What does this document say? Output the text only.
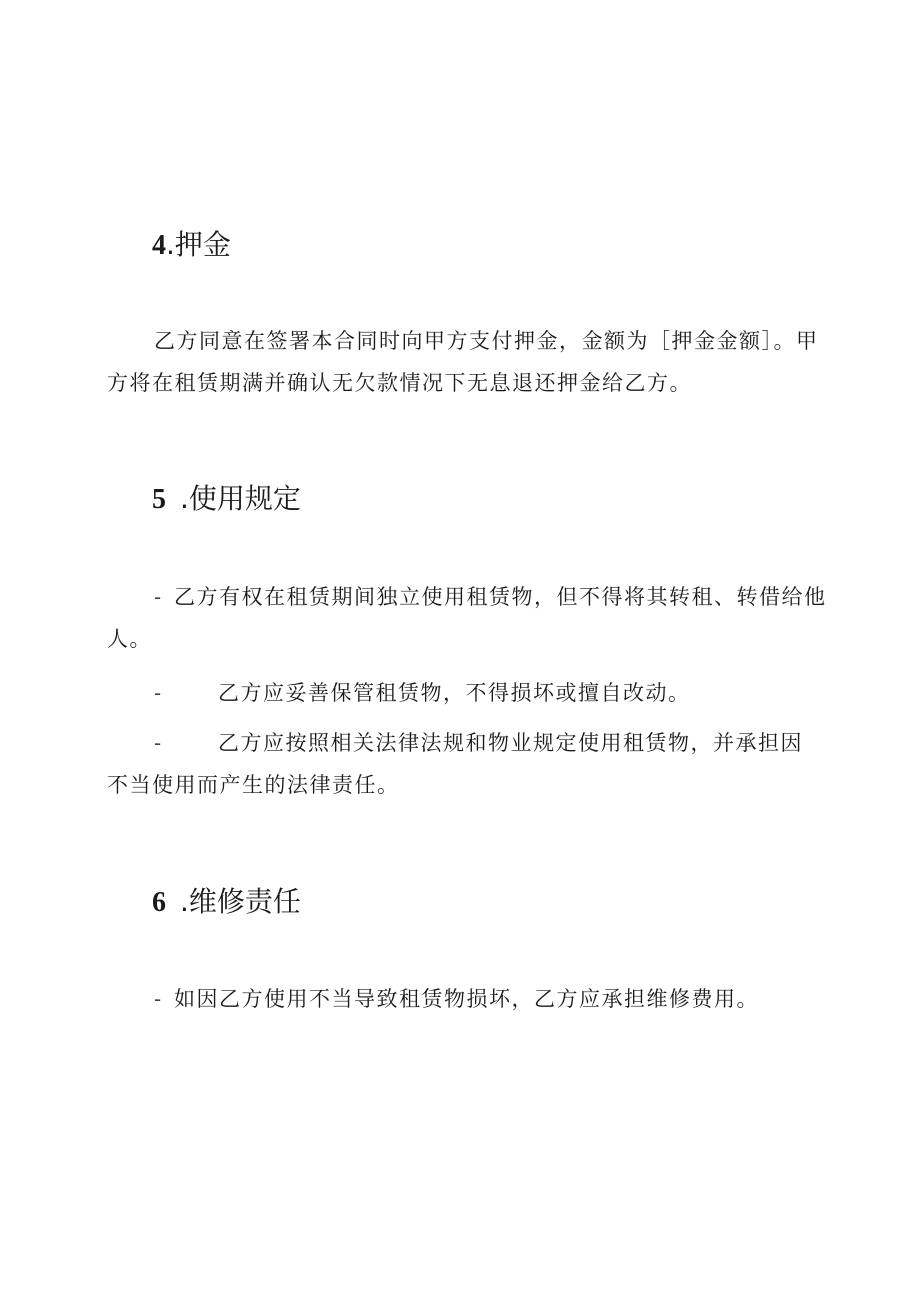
4.押金

乙方同意在签署本合同时向甲方支付押金，金额为［押金金额］。甲
方将在租赁期满并确认无欠款情况下无息退还押金给乙方。

5 .使用规定

- 乙方有权在租赁期间独立使用租赁物，但不得将其转租、转借给他
人。

-	乙方应妥善保管租赁物，不得损坏或擅自改动。

-	乙方应按照相关法律法规和物业规定使用租赁物，并承担因
不当使用而产生的法律责任。

6 .维修责任

- 如因乙方使用不当导致租赁物损坏，乙方应承担维修费用。
